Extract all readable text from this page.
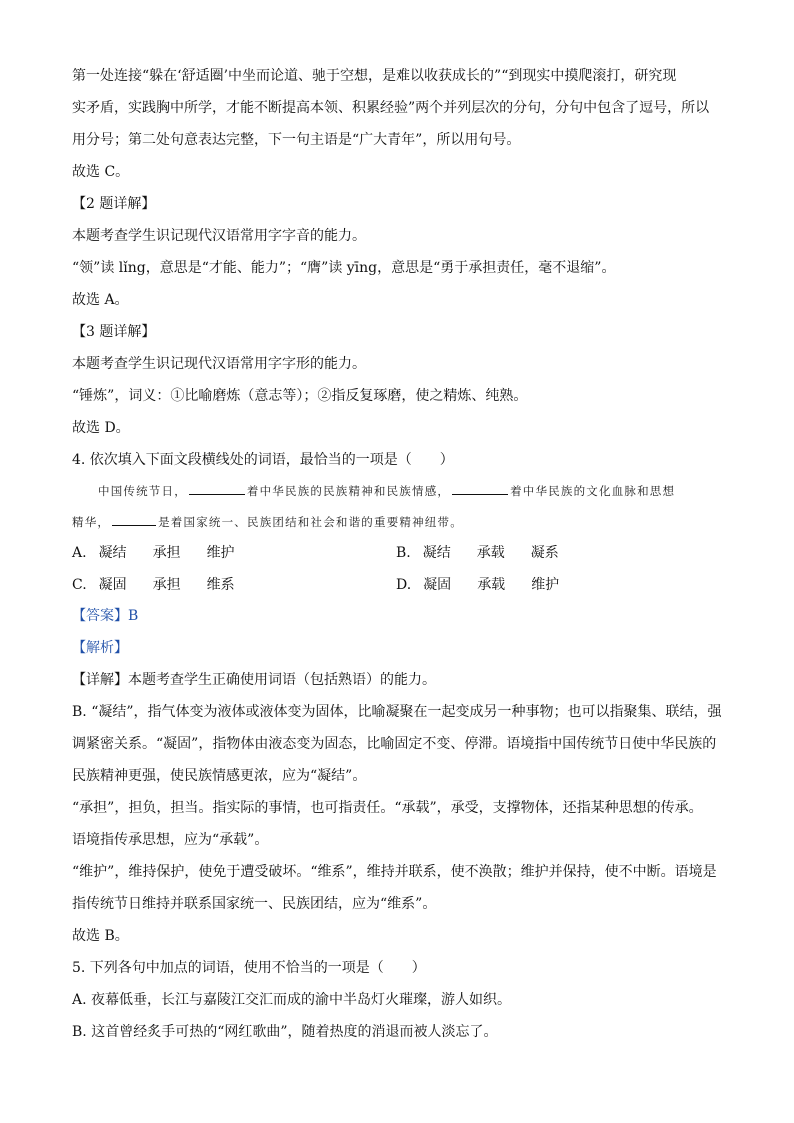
第一处连接“躲在‘舒适圈’中坐而论道、驰于空想，是难以收获成长的”“到现实中摸爬滚打，研究现
实矛盾，实践胸中所学，才能不断提高本领、积累经验”两个并列层次的分句，分句中包含了逗号，所以
用分号；第二处句意表达完整，下一句主语是“广大青年”，所以用句号。
故选 C。
【2 题详解】
本题考查学生识记现代汉语常用字字音的能力。
“领”读 lǐng，意思是“才能、能力”；“膺”读 yīng，意思是“勇于承担责任，毫不退缩”。
故选 A。
【3 题详解】
本题考查学生识记现代汉语常用字字形的能力。
“锤炼”，词义：①比喻磨炼（意志等）；②指反复琢磨，使之精炼、纯熟。
故选 D。
4. 依次填入下面文段横线处的词语，最恰当的一项是（　　）
中国传统节日，	着中华民族的民族精神和民族情感，	着中华民族的文化血脉和思想
精华，	是着国家统一、民族团结和社会和谐的重要精神纽带。
A. 凝结 承担 维护	B. 凝结 承载 凝系
C. 凝固 承担 维系	D. 凝固 承载 维护
【答案】B
【解析】
【详解】本题考查学生正确使用词语（包括熟语）的能力。
B. “凝结”，指气体变为液体或液体变为固体，比喻凝聚在一起变成另一种事物；也可以指聚集、联结，强
调紧密关系。“凝固”，指物体由液态变为固态，比喻固定不变、停滞。语境指中国传统节日使中华民族的
民族精神更强，使民族情感更浓，应为“凝结”。
“承担”，担负，担当。指实际的事情，也可指责任。“承载”，承受，支撑物体，还指某种思想的传承。
语境指传承思想，应为“承载”。
“维护”，维持保护，使免于遭受破坏。“维系”，维持并联系，使不涣散；维护并保持，使不中断。语境是
指传统节日维持并联系国家统一、民族团结，应为“维系”。
故选 B。
5. 下列各句中加点的词语，使用不恰当的一项是（　　）
A. 夜幕低垂，长江与嘉陵江交汇而成的渝中半岛灯火璀璨，游人如织。
B. 这首曾经炙手可热的“网红歌曲”，随着热度的消退而被人淡忘了。
